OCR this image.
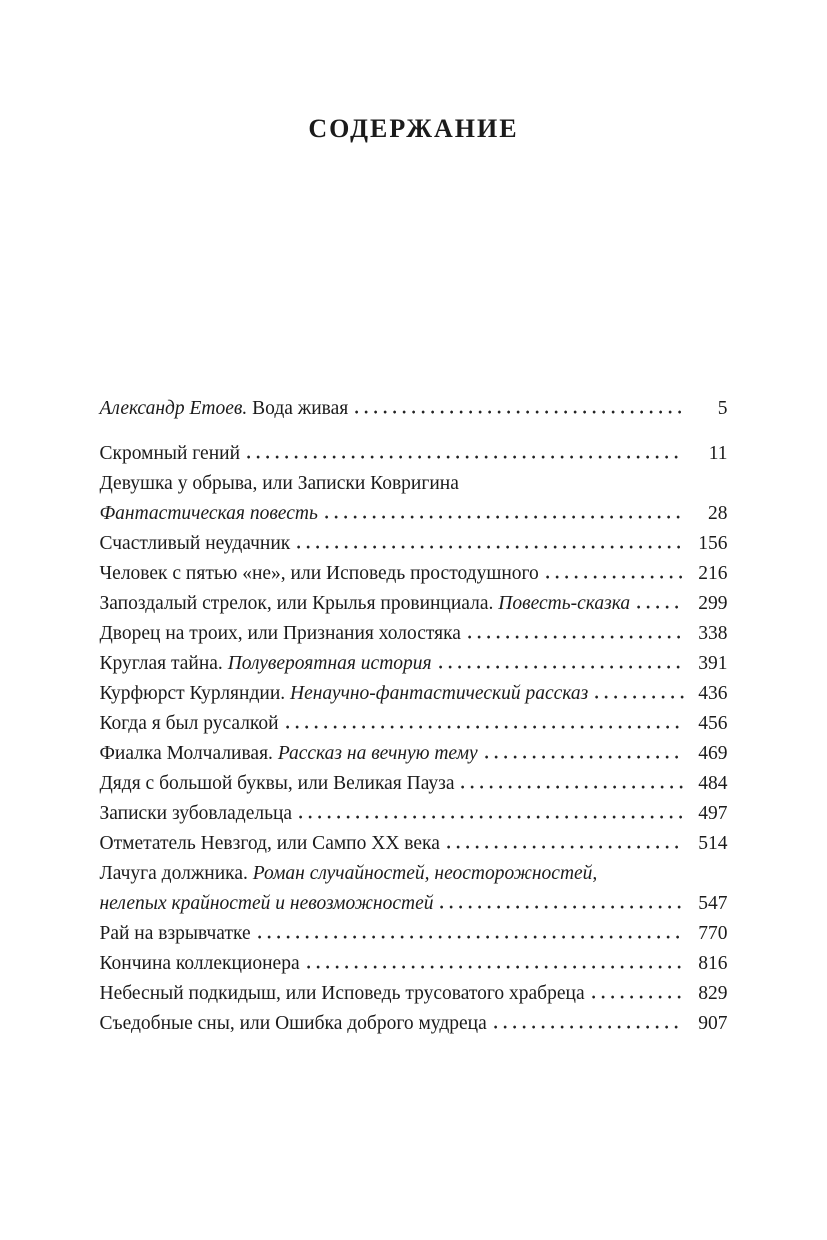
СОДЕРЖАНИЕ
Александр Етоев. Вода живая	5
Скромный гений	11
Девушка у обрыва, или Записки Ковригина
Фантастическая повесть	28
Счастливый неудачник	156
Человек с пятью «не», или Исповедь простодушного	216
Запоздалый стрелок, или Крылья провинциала. Повесть-сказка	299
Дворец на троих, или Признания холостяка	338
Круглая тайна. Полувероятная история	391
Курфюрст Курляндии. Ненаучно-фантастический рассказ	436
Когда я был русалкой	456
Фиалка Молчаливая. Рассказ на вечную тему	469
Дядя с большой буквы, или Великая Пауза	484
Записки зубовладельца	497
Отметатель Невзгод, или Сампо XX века	514
Лачуга должника. Роман случайностей, неосторожностей,
нелепых крайностей и невозможностей	547
Рай на взрывчатке	770
Кончина коллекционера	816
Небесный подкидыш, или Исповедь трусоватого храбреца	829
Съедобные сны, или Ошибка доброго мудреца	907
